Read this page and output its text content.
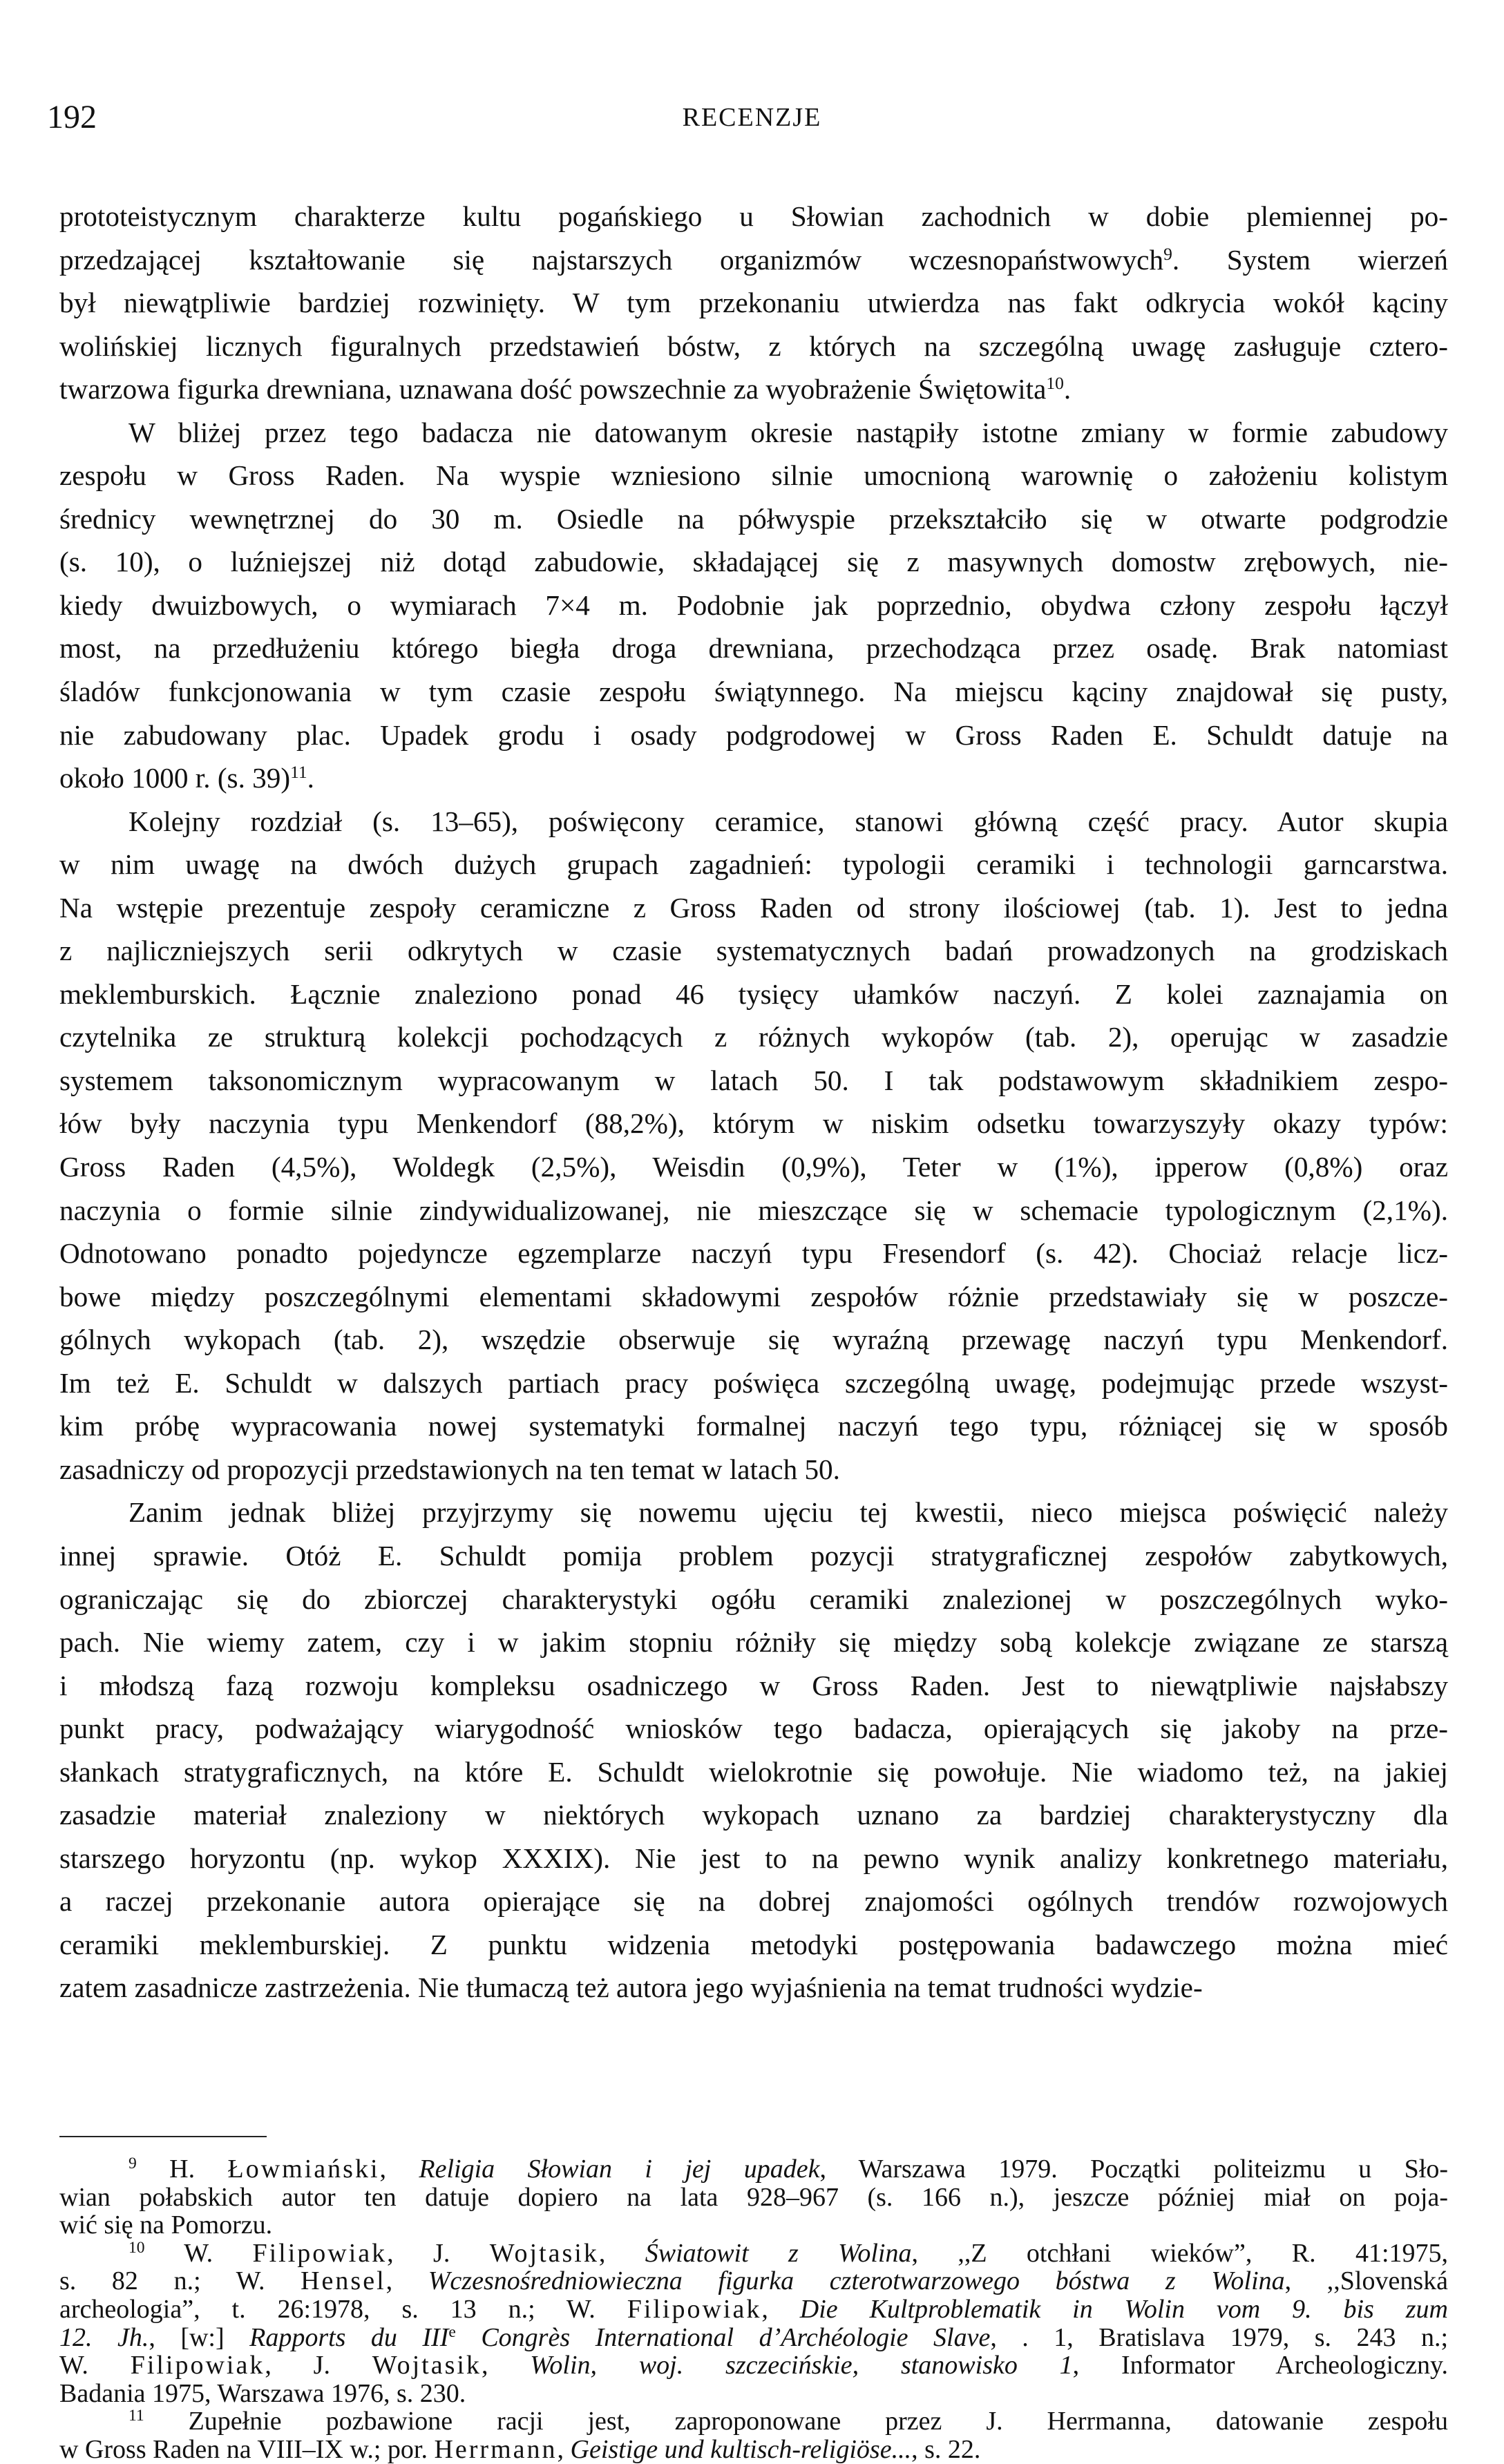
192	RECENZJE
prototeistycznym charakterze kultu pogańskiego u Słowian zachodnich w dobie plemiennej po-
przedzającej kształtowanie się najstarszych organizmów wczesnopaństwowych$^9$. System wierzeń
był niewątpliwie bardziej rozwinięty. W tym przekonaniu utwierdza nas fakt odkrycia wokół kąciny
wolińskiej licznych figuralnych przedstawień bóstw, z których na szczególną uwagę zasługuje cztero-
twarzowa figurka drewniana, uznawana dość powszechnie za wyobrażenie Świętowita$^{10}$.
W bliżej przez tego badacza nie datowanym okresie nastąpiły istotne zmiany w formie zabudowy
zespołu w Gross Raden. Na wyspie wzniesiono silnie umocnioną warownię o założeniu kolistym
średnicy wewnętrznej do 30 m. Osiedle na półwyspie przekształciło się w otwarte podgrodzie
(s. 10), o luźniejszej niż dotąd zabudowie, składającej się z masywnych domostw zrębowych, nie-
kiedy dwuizbowych, o wymiarach 7×4 m. Podobnie jak poprzednio, obydwa człony zespołu łączył
most, na przedłużeniu którego biegła droga drewniana, przechodząca przez osadę. Brak natomiast
śladów funkcjonowania w tym czasie zespołu świątynnego. Na miejscu kąciny znajdował się pusty,
nie zabudowany plac. Upadek grodu i osady podgrodowej w Gross Raden E. Schuldt datuje na
około 1000 r. (s. 39)$^{11}$.
Kolejny rozdział (s. 13–65), poświęcony ceramice, stanowi główną część pracy. Autor skupia
w nim uwagę na dwóch dużych grupach zagadnień: typologii ceramiki i technologii garncarstwa.
Na wstępie prezentuje zespoły ceramiczne z Gross Raden od strony ilościowej (tab. 1). Jest to jedna
z najliczniejszych serii odkrytych w czasie systematycznych badań prowadzonych na grodziskach
meklemburskich. Łącznie znaleziono ponad 46 tysięcy ułamków naczyń. Z kolei zaznajamia on
czytelnika ze strukturą kolekcji pochodzących z różnych wykopów (tab. 2), operując w zasadzie
systemem taksonomicznym wypracowanym w latach 50. I tak podstawowym składnikiem zespo-
łów były naczynia typu Menkendorf (88,2%), którym w niskim odsetku towarzyszyły okazy typów:
Gross Raden (4,5%), Woldegk (2,5%), Weisdin (0,9%), Teter w (1%), ipperow (0,8%) oraz
naczynia o formie silnie zindywidualizowanej, nie mieszczące się w schemacie typologicznym (2,1%).
Odnotowano ponadto pojedyncze egzemplarze naczyń typu Fresendorf (s. 42). Chociaż relacje licz-
bowe między poszczególnymi elementami składowymi zespołów różnie przedstawiały się w poszcze-
gólnych wykopach (tab. 2), wszędzie obserwuje się wyraźną przewagę naczyń typu Menkendorf.
Im też E. Schuldt w dalszych partiach pracy poświęca szczególną uwagę, podejmując przede wszyst-
kim próbę wypracowania nowej systematyki formalnej naczyń tego typu, różniącej się w sposób
zasadniczy od propozycji przedstawionych na ten temat w latach 50.
Zanim jednak bliżej przyjrzymy się nowemu ujęciu tej kwestii, nieco miejsca poświęcić należy
innej sprawie. Otóż E. Schuldt pomija problem pozycji stratygraficznej zespołów zabytkowych,
ograniczając się do zbiorczej charakterystyki ogółu ceramiki znalezionej w poszczególnych wyko-
pach. Nie wiemy zatem, czy i w jakim stopniu różniły się między sobą kolekcje związane ze starszą
i młodszą fazą rozwoju kompleksu osadniczego w Gross Raden. Jest to niewątpliwie najsłabszy
punkt pracy, podważający wiarygodność wniosków tego badacza, opierających się jakoby na prze-
słankach stratygraficznych, na które E. Schuldt wielokrotnie się powołuje. Nie wiadomo też, na jakiej
zasadzie materiał znaleziony w niektórych wykopach uznano za bardziej charakterystyczny dla
starszego horyzontu (np. wykop XXXIX). Nie jest to na pewno wynik analizy konkretnego materiału,
a raczej przekonanie autora opierające się na dobrej znajomości ogólnych trendów rozwojowych
ceramiki meklemburskiej. Z punktu widzenia metodyki postępowania badawczego można mieć
zatem zasadnicze zastrzeżenia. Nie tłumaczą też autora jego wyjaśnienia na temat trudności wydzie-
$^9$ H. Łowmiański, Religia Słowian i jej upadek, Warszawa 1979. Początki politeizmu u Sło-
wian połabskich autor ten datuje dopiero na lata 928–967 (s. 166 n.), jeszcze później miał on poja-
wić się na Pomorzu.
$^{10}$ W. Filipowiak, J. Wojtasik, Światowit z Wolina, ,,Z otchłani wieków”, R. 41:1975,
s. 82 n.; W. Hensel, Wczesnośredniowieczna figurka czterotwarzowego bóstwa z Wolina, ,,Slovenská
archeologia”, t. 26:1978, s. 13 n.; W. Filipowiak, Die Kultproblematik in Wolin vom 9. bis zum
12. Jh., [w:] Rapports du IIIe Congrès International d’Archéologie Slave, . 1, Bratislava 1979, s. 243 n.;
W. Filipowiak, J. Wojtasik, Wolin, woj. szczecińskie, stanowisko 1, Informator Archeologiczny.
Badania 1975, Warszawa 1976, s. 230.
$^{11}$ Zupełnie pozbawione racji jest, zaproponowane przez J. Herrmanna, datowanie zespołu
w Gross Raden na VIII–IX w.; por. Herrmann, Geistige und kultisch-religiöse..., s. 22.
